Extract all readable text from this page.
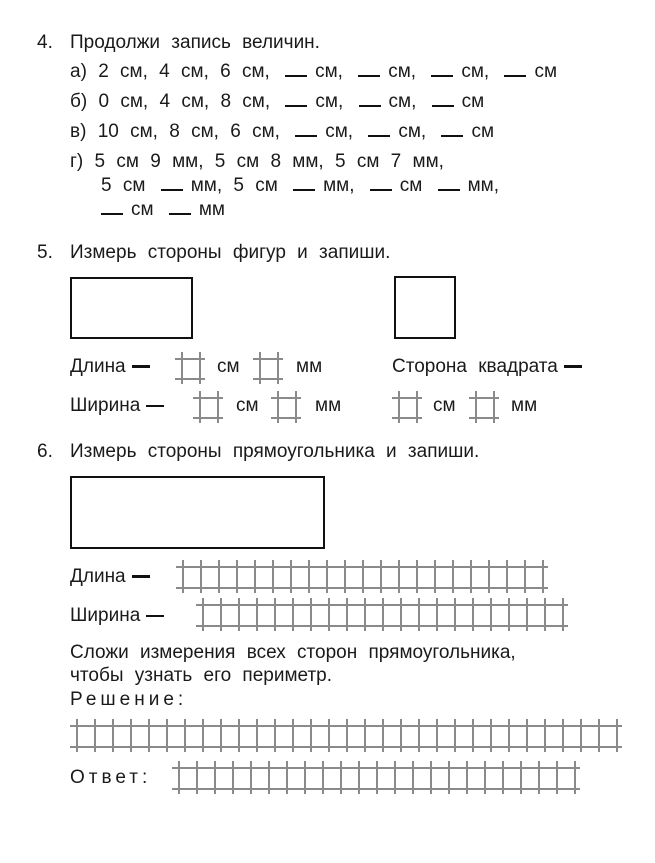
4. Продолжи запись величин.
а) 2 см, 4 см, 6 см, см, см, см, см
б) 0 см, 4 см, 8 см, см, см, см
в) 10 см, 8 см, 6 см, см, см, см
г) 5 см 9 мм, 5 см 8 мм, 5 см 7 мм,
5 см мм, 5 см мм, см мм,
см мм
5. Измерь стороны фигур и запиши.
Длина	см	мм
Ширина	см	мм
Сторона квадрата
см	мм
6. Измерь стороны прямоугольника и запиши.
Длина
Ширина
Сложи измерения всех сторон прямоугольника,
чтобы узнать его периметр.
Решение:
Ответ:
